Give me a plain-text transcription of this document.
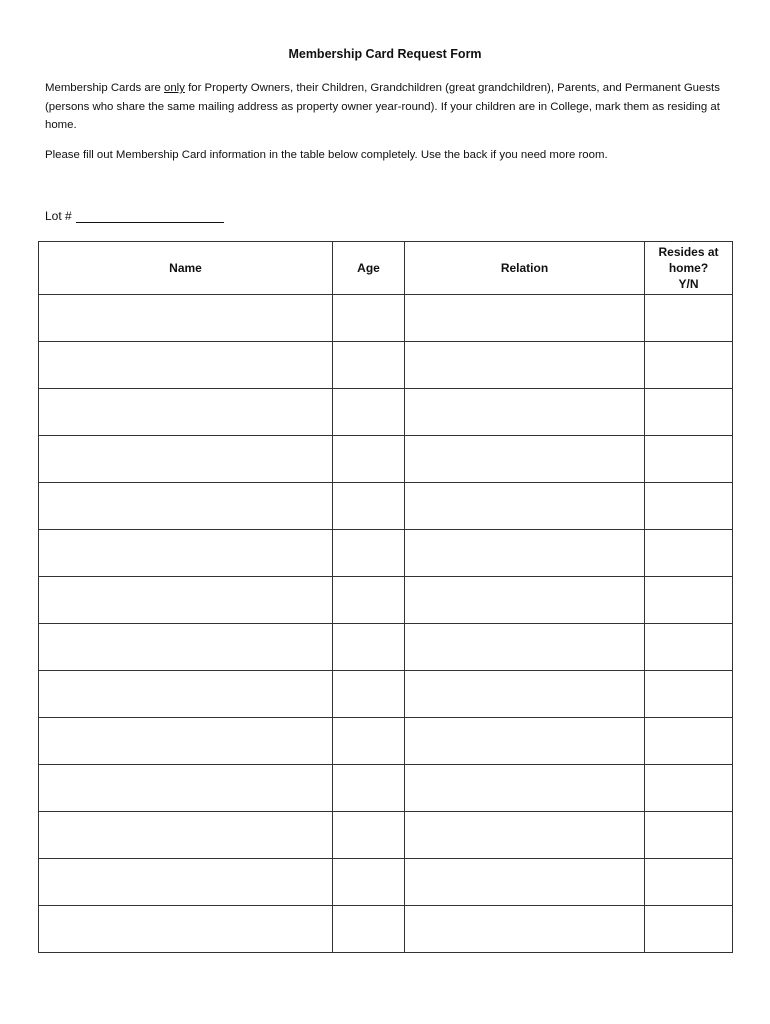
Membership Card Request Form
Membership Cards are only for Property Owners, their Children, Grandchildren (great grandchildren), Parents, and Permanent Guests (persons who share the same mailing address as property owner year-round). If your children are in College, mark them as residing at home.
Please fill out Membership Card information in the table below completely. Use the back if you need more room.
Lot #
Name	Age	Relation	Resides at
home?
Y/N
